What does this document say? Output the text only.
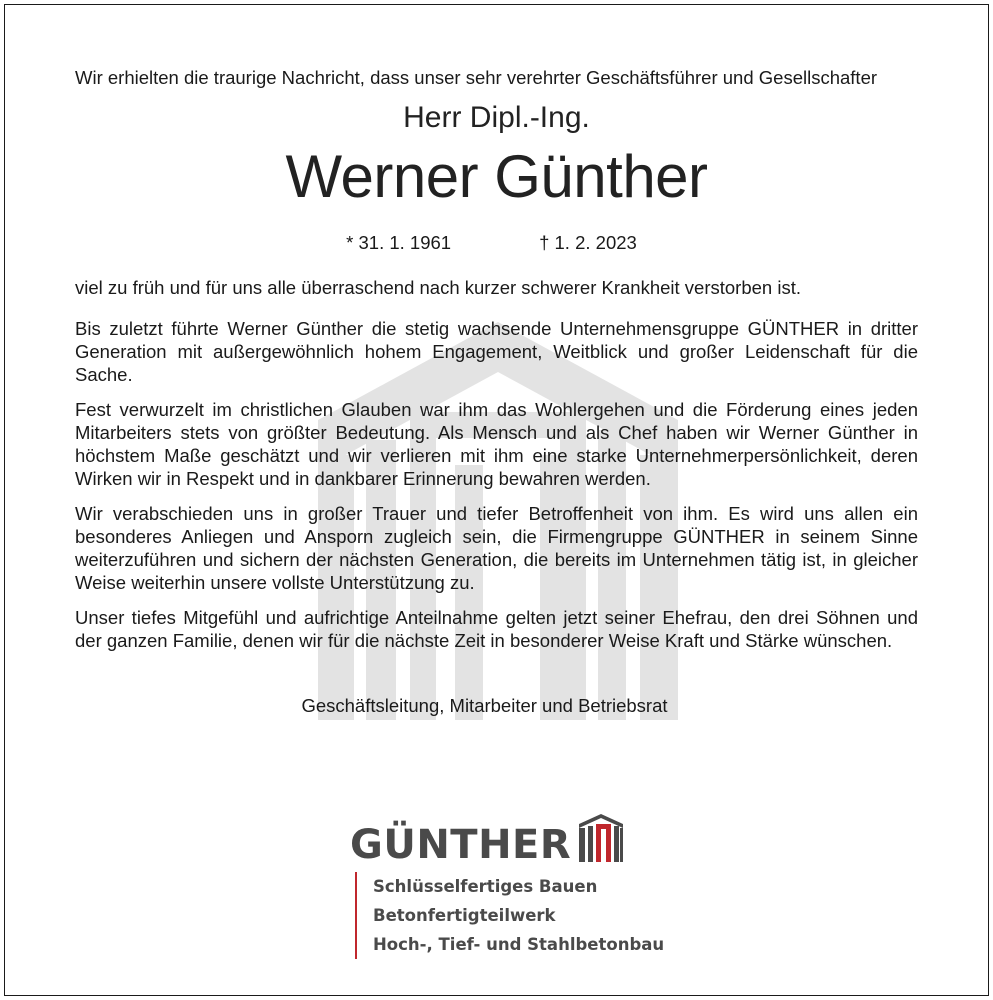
Wir erhielten die traurige Nachricht, dass unser sehr verehrter Geschäftsführer und Gesellschafter

Herr Dipl.-Ing.
Werner Günther
* 31. 1. 1961	† 1. 2. 2023

viel zu früh und für uns alle überraschend nach kurzer schwerer Krankheit verstorben ist.

Bis zuletzt führte Werner Günther die stetig wachsende Unternehmensgruppe GÜNTHER in dritter Generation mit außergewöhnlich hohem Engagement, Weitblick und großer Leidenschaft für die Sache.

Fest verwurzelt im christlichen Glauben war ihm das Wohlergehen und die Förderung eines jeden Mitarbeiters stets von größter Bedeutung. Als Mensch und als Chef haben wir Werner Günther in höchstem Maße geschätzt und wir verlieren mit ihm eine starke Unternehmerpersönlichkeit, deren Wirken wir in Respekt und in dankbarer Erinnerung bewahren werden.

Wir verabschieden uns in großer Trauer und tiefer Betroffenheit von ihm. Es wird uns allen ein besonderes Anliegen und Ansporn zugleich sein, die Firmengruppe GÜNTHER in seinem Sinne weiterzuführen und sichern der nächsten Generation, die bereits im Unternehmen tätig ist, in gleicher Weise weiterhin unsere vollste Unterstützung zu.

Unser tiefes Mitgefühl und aufrichtige Anteilnahme gelten jetzt seiner Ehefrau, den drei Söhnen und der ganzen Familie, denen wir für die nächste Zeit in besonderer Weise Kraft und Stärke wünschen.

Geschäftsleitung, Mitarbeiter und Betriebsrat
GÜNTHER
Schlüsselfertiges Bauen
Betonfertigteilwerk
Hoch-, Tief- und Stahlbetonbau
